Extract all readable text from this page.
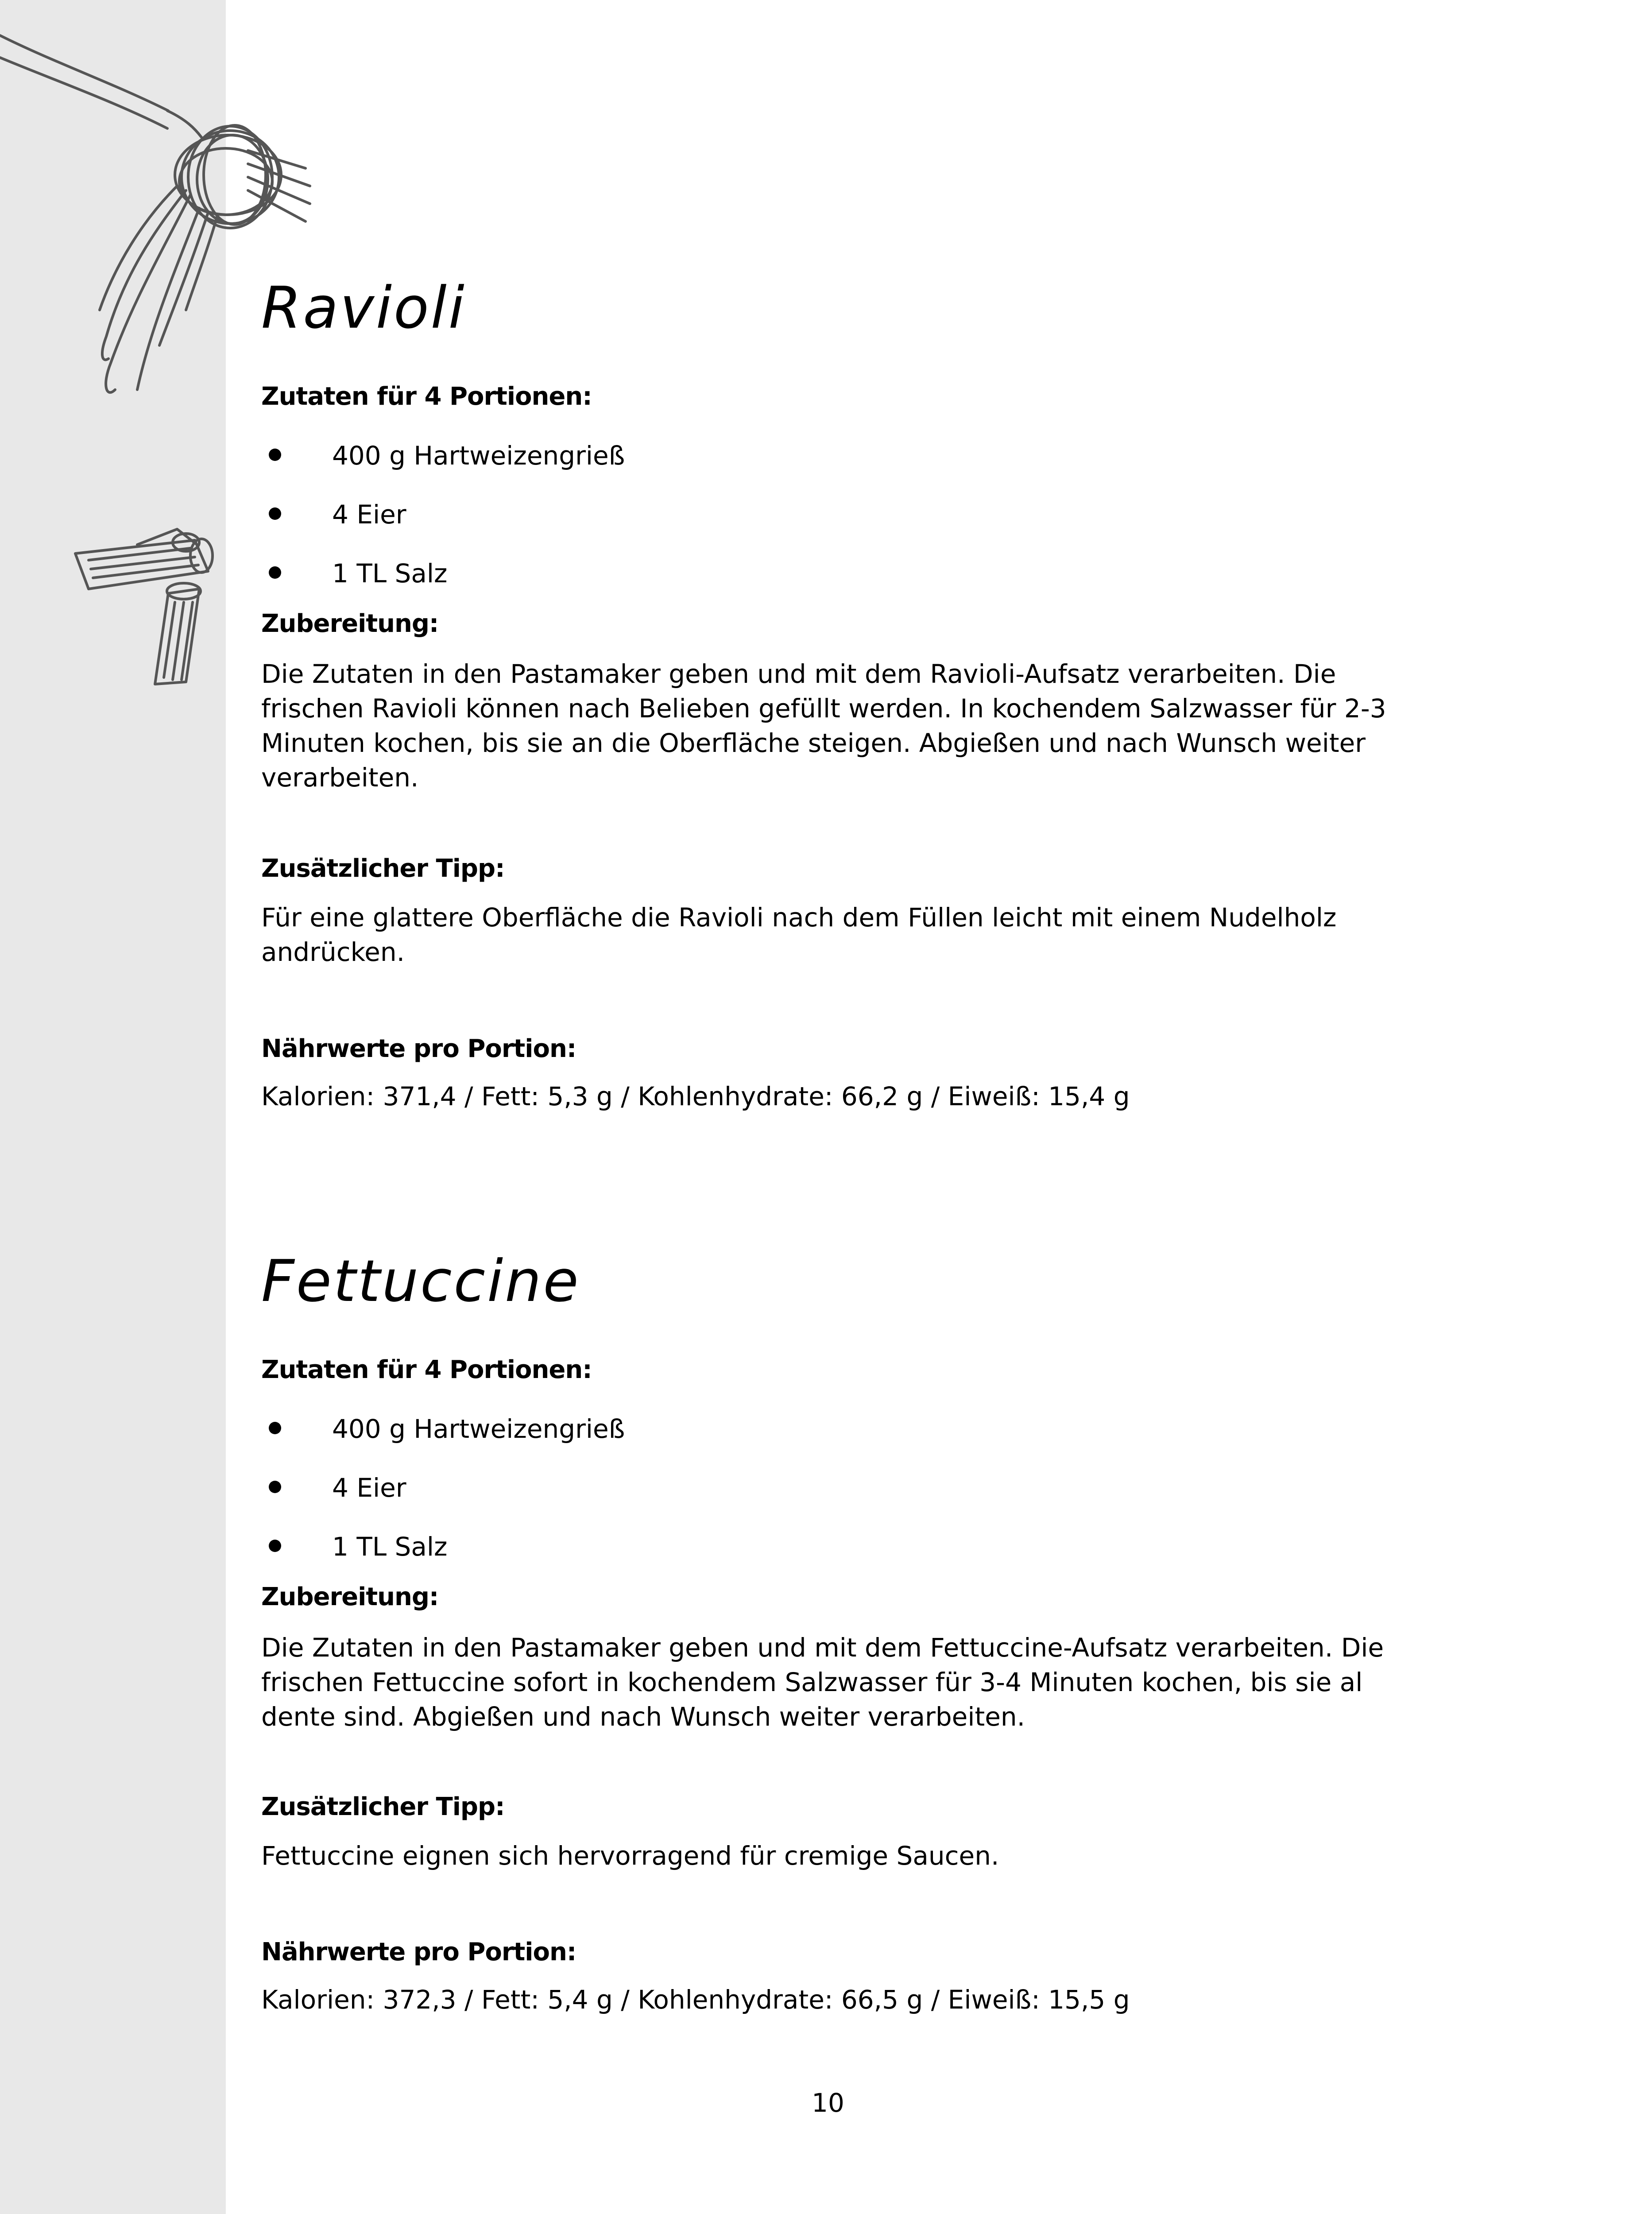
Ravioli
Zutaten für 4 Portionen:
400 g Hartweizengrieß
4 Eier
1 TL Salz
Zubereitung:

Die Zutaten in den Pastamaker geben und mit dem Ravioli-Aufsatz verarbeiten. Die frischen Ravioli können nach Belieben gefüllt werden. In kochendem Salzwasser für 2-3 Minuten kochen, bis sie an die Oberfläche steigen. Abgießen und nach Wunsch weiter verarbeiten.

Zusätzlicher Tipp:

Für eine glattere Oberfläche die Ravioli nach dem Füllen leicht mit einem Nudelholz andrücken.

Nährwerte pro Portion:

Kalorien: 371,4 / Fett: 5,3 g / Kohlenhydrate: 66,2 g / Eiweiß: 15,4 g

Fettuccine
Zutaten für 4 Portionen:
400 g Hartweizengrieß
4 Eier
1 TL Salz
Zubereitung:

Die Zutaten in den Pastamaker geben und mit dem Fettuccine-Aufsatz verarbeiten. Die frischen Fettuccine sofort in kochendem Salzwasser für 3-4 Minuten kochen, bis sie al dente sind. Abgießen und nach Wunsch weiter verarbeiten.

Zusätzlicher Tipp:

Fettuccine eignen sich hervorragend für cremige Saucen.

Nährwerte pro Portion:

Kalorien: 372,3 / Fett: 5,4 g / Kohlenhydrate: 66,5 g / Eiweiß: 15,5 g

10
